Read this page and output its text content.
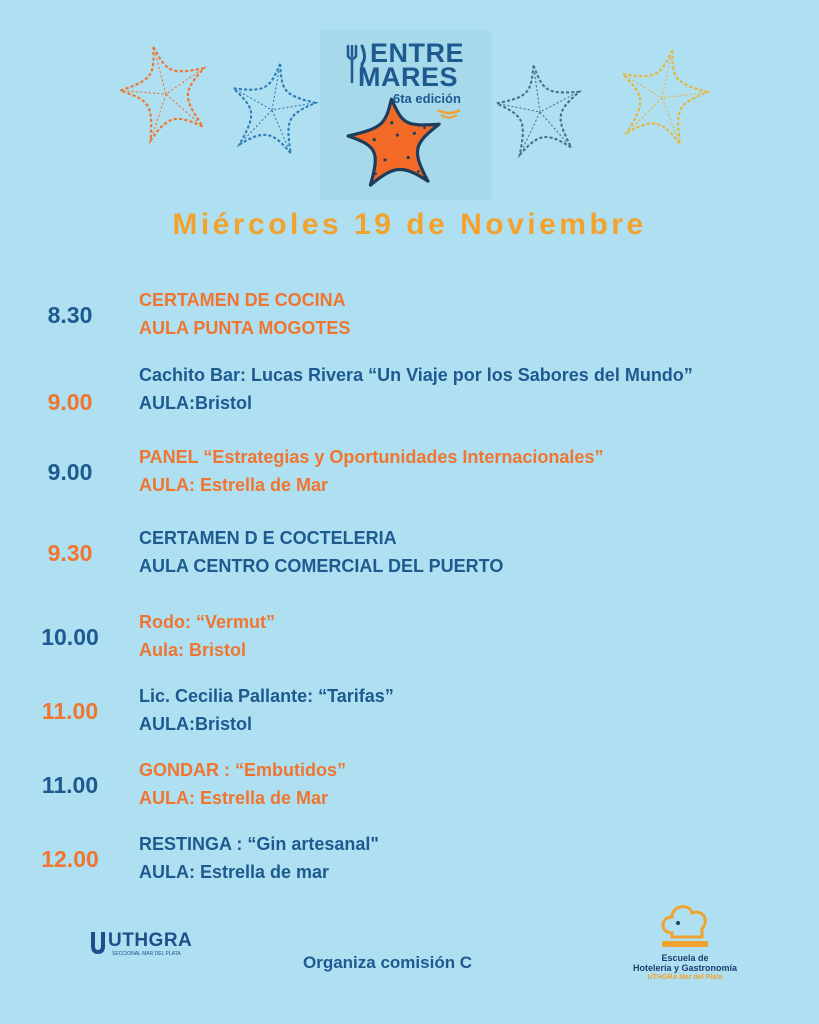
ENTRE
MARES
6ta edición
Miércoles 19 de Noviembre
8.30
CERTAMEN DE COCINA
AULA PUNTA MOGOTES
9.00
Cachito Bar: Lucas Rivera “Un Viaje por los Sabores del Mundo”
AULA:Bristol
9.00
PANEL “Estrategias y Oportunidades Internacionales”
AULA: Estrella de Mar
9.30
CERTAMEN D E COCTELERIA
AULA CENTRO COMERCIAL DEL PUERTO
10.00
Rodo: “Vermut”
Aula: Bristol
11.00
Lic. Cecilia Pallante: “Tarifas”
AULA:Bristol
11.00
GONDAR : “Embutidos”
AULA: Estrella de Mar
12.00
RESTINGA : “Gin artesanal"
AULA: Estrella de mar
UTHGRA
SECCIONAL MAR DEL PLATA	Organiza comisión C	Escuela de
Hotelería y Gastronomía
UTHGRA Mar del Plata
